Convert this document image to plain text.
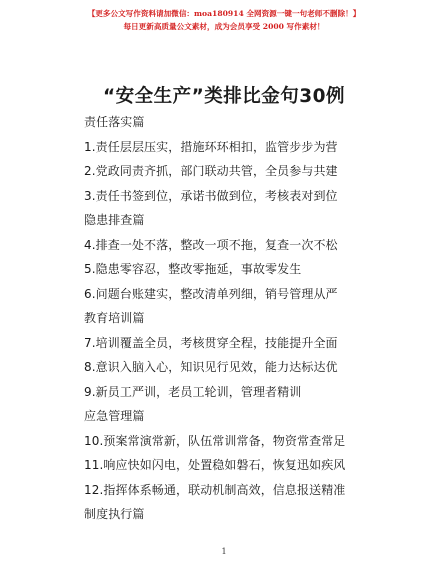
【更多公文写作资料请加微信：moa180914 全网资源一键一句老师不删除！】
每日更新高质量公文素材，成为会员享受 2000 写作素材！
“安全生产”类排比金句30例
责任落实篇
1.责任层层压实，措施环环相扣，监管步步为营
2.党政同责齐抓，部门联动共管，全员参与共建
3.责任书签到位，承诺书做到位，考核表对到位
隐患排查篇
4.排查一处不落，整改一项不拖，复查一次不松
5.隐患零容忍，整改零拖延，事故零发生
6.问题台账建实，整改清单列细，销号管理从严
教育培训篇
7.培训覆盖全员，考核贯穿全程，技能提升全面
8.意识入脑入心，知识见行见效，能力达标达优
9.新员工严训，老员工轮训，管理者精训
应急管理篇
10.预案常演常新，队伍常训常备，物资常查常足
11.响应快如闪电，处置稳如磐石，恢复迅如疾风
12.指挥体系畅通，联动机制高效，信息报送精准
制度执行篇
1
